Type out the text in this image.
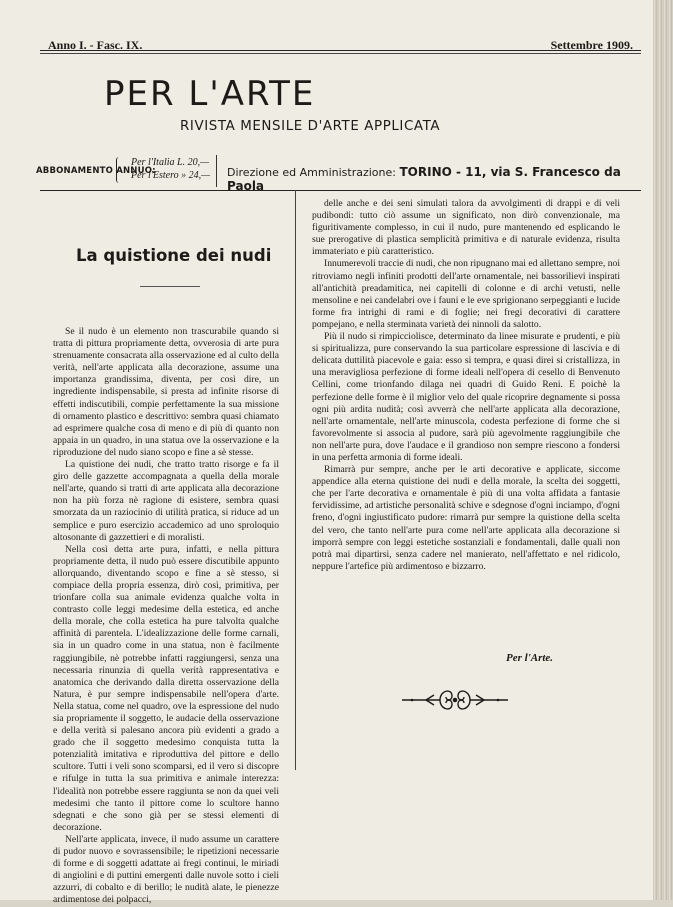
Anno I. - Fasc. IX.	Settembre 1909.
PER L'ARTE
RIVISTA MENSILE D'ARTE APPLICATA
ABBONAMENTO ANNUO:
Per l'Italia L. 20,—
Per l'Estero » 24,— Direzione ed Amministrazione: TORINO - 11, via S. Francesco da Paola
La quistione dei nudi

Se il nudo è un elemento non trascurabile quando si tratta di pittura propriamente detta, ovverosia di arte pura strenuamente consacrata alla osservazione ed al culto della verità, nell'arte applicata alla decorazione, assume una importanza grandissima, diventa, per così dire, un ingrediente indispensabile, si presta ad infinite risorse di effetti indiscutibili, compie perfettamente la sua missione di ornamento plastico e descrittivo: sembra quasi chiamato ad esprimere qualche cosa di meno e di più di quanto non appaia in un quadro, in una statua ove la osservazione e la riproduzione del nudo siano scopo e fine a sè stesse.

La quistione dei nudi, che tratto tratto risorge e fa il giro delle gazzette accompagnata a quella della morale nell'arte, quando si tratti di arte applicata alla decorazione non ha più forza nè ragione di esistere, sembra quasi smorzata da un raziocinio di utilità pratica, si riduce ad un semplice e puro esercizio accademico ad uno sproloquio altosonante di gazzettieri e di moralisti.

Nella così detta arte pura, infatti, e nella pittura propriamente detta, il nudo può essere discutibile appunto allorquando, diventando scopo e fine a sè stesso, si compiace della propria essenza, dirò così, primitiva, per trionfare colla sua animale evidenza qualche volta in contrasto colle leggi medesime della estetica, ed anche della morale, che colla estetica ha pure talvolta qualche affinità di parentela. L'idealizzazione delle forme carnali, sia in un quadro come in una statua, non è facilmente raggiungibile, nè potrebbe infatti raggiungersi, senza una necessaria rinunzia di quella verità rappresentativa e anatomica che derivando dalla diretta osservazione della Natura, è pur sempre indispensabile nell'opera d'arte. Nella statua, come nel quadro, ove la espressione del nudo sia propriamente il soggetto, le audacie della osservazione e della verità si palesano ancora più evidenti a grado a grado che il soggetto medesimo conquista tutta la potenzialità imitativa e riproduttiva del pittore e dello scultore. Tutti i veli sono scomparsi, ed il vero si discopre e rifulge in tutta la sua primitiva e animale interezza: l'idealità non potrebbe essere raggiunta se non da quei veli medesimi che tanto il pittore come lo scultore hanno sdegnati e che sono già per se stessi elementi di decorazione.

Nell'arte applicata, invece, il nudo assume un carattere di pudor nuovo e sovrassensibile; le ripetizioni necessarie di forme e di soggetti adattate ai fregi continui, le miriadi di angiolini e di puttini emergenti dalle nuvole sotto i cieli azzurri, di cobalto e di berillo; le nudità alate, le pienezze ardimentose dei polpacci,

delle anche e dei seni simulati talora da avvolgimenti di drappi e di veli pudibondi: tutto ciò assume un significato, non dirò convenzionale, ma figuritivamente complesso, in cui il nudo, pure mantenendo ed esplicando le sue prerogative di plastica semplicità primitiva e di naturale evidenza, risulta immateriato e più caratteristico.

Innumerevoli traccie di nudi, che non ripugnano mai ed allettano sempre, noi ritroviamo negli infiniti prodotti dell'arte ornamentale, nei bassorilievi inspirati all'antichità preadamitica, nei capitelli di colonne e di archi vetusti, nelle mensoline e nei candelabri ove i fauni e le eve sprigionano serpeggianti e lucide forme fra intrighi di rami e di foglie; nei fregi decorativi di carattere pompejano, e nella sterminata varietà dei ninnoli da salotto.

Più il nudo si rimpicciolisce, determinato da linee misurate e prudenti, e più si spiritualizza, pure conservando la sua particolare espressione di lascivia e di delicata duttilità piacevole e gaia: esso si tempra, e quasi direi si cristallizza, in una meravigliosa perfezione di forme ideali nell'opera di cesello di Benvenuto Cellini, come trionfando dilaga nei quadri di Guido Reni. E poichè la perfezione delle forme è il miglior velo del quale ricoprire degnamente si possa ogni più ardita nudità; così avverrà che nell'arte applicata alla decorazione, nell'arte ornamentale, nell'arte minuscola, codesta perfezione di forme che si favorevolmente si associa al pudore, sarà più agevolmente raggiungibile che non nell'arte pura, dove l'audace e il grandioso non sempre riescono a fondersi in una perfetta armonia di forme ideali.

Rimarrà pur sempre, anche per le arti decorative e applicate, siccome appendice alla eterna quistione dei nudi e della morale, la scelta dei soggetti, che per l'arte decorativa e ornamentale è più di una volta affidata a fantasie fervidissime, ad artistiche personalità schive e sdegnose d'ogni inciampo, d'ogni freno, d'ogni ingiustificato pudore: rimarrà pur sempre la quistione della scelta del vero, che tanto nell'arte pura come nell'arte applicata alla decorazione si imporrà sempre con leggi estetiche sostanziali e fondamentali, dalle quali non potrà mai dipartirsi, senza cadere nel manierato, nell'affettato e nel ridicolo, neppure l'artefice più ardimentoso e bizzarro.

Per l'Arte.
